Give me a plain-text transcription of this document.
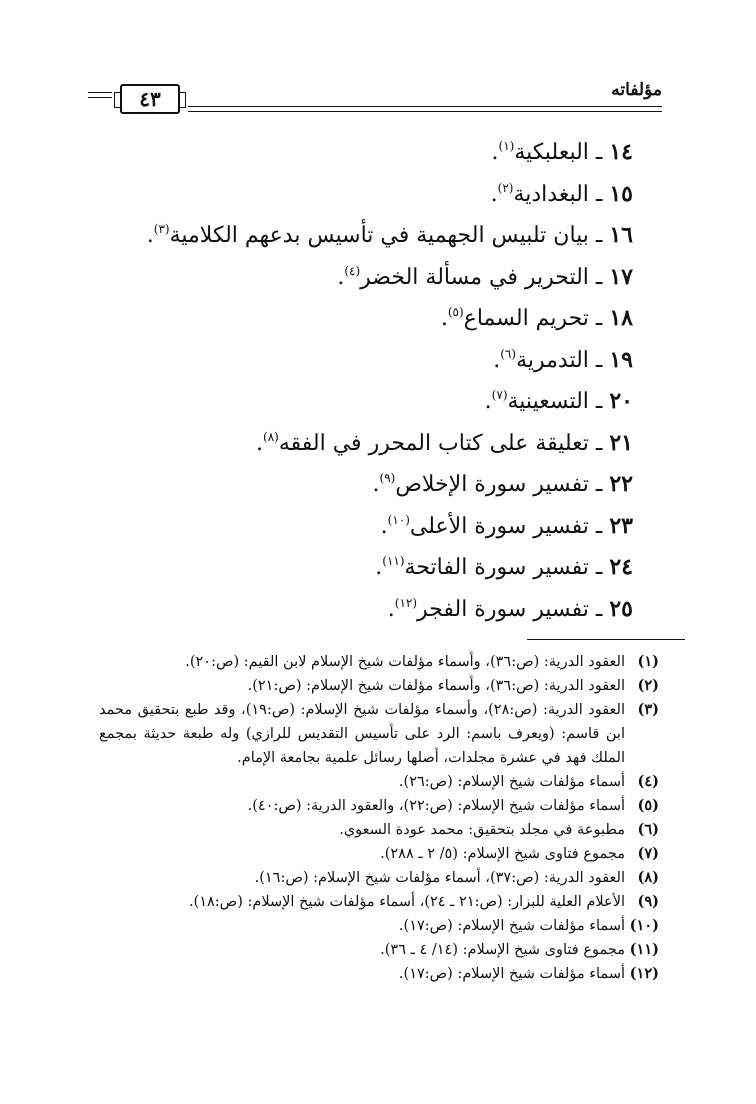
٤٣	مؤلفاته
١٤ ـ البعلبكية$^{(١)}$.
١٥ ـ البغدادية$^{(٢)}$.
١٦ ـ بيان تلبيس الجهمية في تأسيس بدعهم الكلامية$^{(٣)}$.
١٧ ـ التحرير في مسألة الخضر$^{(٤)}$.
١٨ ـ تحريم السماع$^{(٥)}$.
١٩ ـ التدمرية$^{(٦)}$.
٢٠ ـ التسعينية$^{(٧)}$.
٢١ ـ تعليقة على كتاب المحرر في الفقه$^{(٨)}$.
٢٢ ـ تفسير سورة الإخلاص$^{(٩)}$.
٢٣ ـ تفسير سورة الأعلى$^{(١٠)}$.
٢٤ ـ تفسير سورة الفاتحة$^{(١١)}$.
٢٥ ـ تفسير سورة الفجر$^{(١٢)}$.
(١)
العقود الدرية: (ص:٣٦)، وأسماء مؤلفات شيخ الإسلام لابن القيم: (ص:٢٠).
(٢)
العقود الدرية: (ص:٣٦)، وأسماء مؤلفات شيخ الإسلام: (ص:٢١).
(٣)
العقود الدرية: (ص:٢٨)، وأسماء مؤلفات شيخ الإسلام: (ص:١٩)، وقد طبع بتحقيق محمد ابن قاسم: (ويعرف باسم: الرد على تأسيس التقديس للرازي) وله طبعة حديثة بمجمع الملك فهد في عشرة مجلدات، أصلها رسائل علمية بجامعة الإمام.
(٤)
أسماء مؤلفات شيخ الإسلام: (ص:٢٦).
(٥)
أسماء مؤلفات شيخ الإسلام: (ص:٢٢)، والعقود الدرية: (ص:٤٠).
(٦)
مطبوعة في مجلد بتحقيق: محمد عودة السعوي.
(٧)
مجموع فتاوى شيخ الإسلام: (٥/ ٢ ـ ٢٨٨).
(٨)
العقود الدرية: (ص:٣٧)، أسماء مؤلفات شيخ الإسلام: (ص:١٦).
(٩)
الأعلام العلية للبزار: (ص:٢١ ـ ٢٤)، أسماء مؤلفات شيخ الإسلام: (ص:١٨).
(١٠)
أسماء مؤلفات شيخ الإسلام: (ص:١٧).
(١١)
مجموع فتاوى شيخ الإسلام: (١٤/ ٤ ـ ٣٦).
(١٢)
أسماء مؤلفات شيخ الإسلام: (ص:١٧).
